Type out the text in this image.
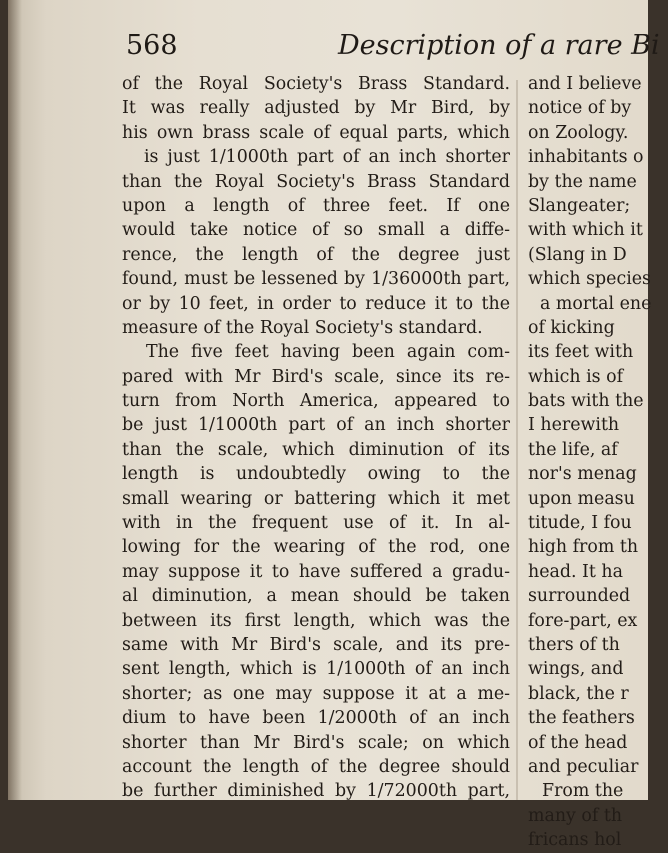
568	Description of a rare Bi
of the Royal Society's Brass Standard.
It was really adjusted by Mr Bird, by
his own brass scale of equal parts, which
is just 1/1000th part of an inch shorter
than the Royal Society's Brass Standard
upon a length of three feet. If one
would take notice of so small a diffe-
rence, the length of the degree just
found, must be lessened by 1/36000th part,
or by 10 feet, in order to reduce it to the
measure of the Royal Society's standard.
The five feet having been again com-
pared with Mr Bird's scale, since its re-
turn from North America, appeared to
be just 1/1000th part of an inch shorter
than the scale, which diminution of its
length is undoubtedly owing to the
small wearing or battering which it met
with in the frequent use of it. In al-
lowing for the wearing of the rod, one
may suppose it to have suffered a gradu-
al diminution, a mean should be taken
between its first length, which was the
same with Mr Bird's scale, and its pre-
sent length, which is 1/1000th of an inch
shorter; as one may suppose it at a me-
dium to have been 1/2000th of an inch
shorter than Mr Bird's scale; on which
account the length of the degree should
be further diminished by 1/72000th part,
and I believe
notice of by
on Zoology.
inhabitants o
by the name
Slangeater;
with which it
(Slang in D
which species
a mortal ene
of kicking
its feet with
which is of
bats with the
I herewith
the life, af
nor's menag
upon measu
titude, I fou
high from th
head. It ha
surrounded
fore-part, ex
thers of th
wings, and
black, the r
the feathers
of the head
and peculiar
From the
many of th
fricans hol
